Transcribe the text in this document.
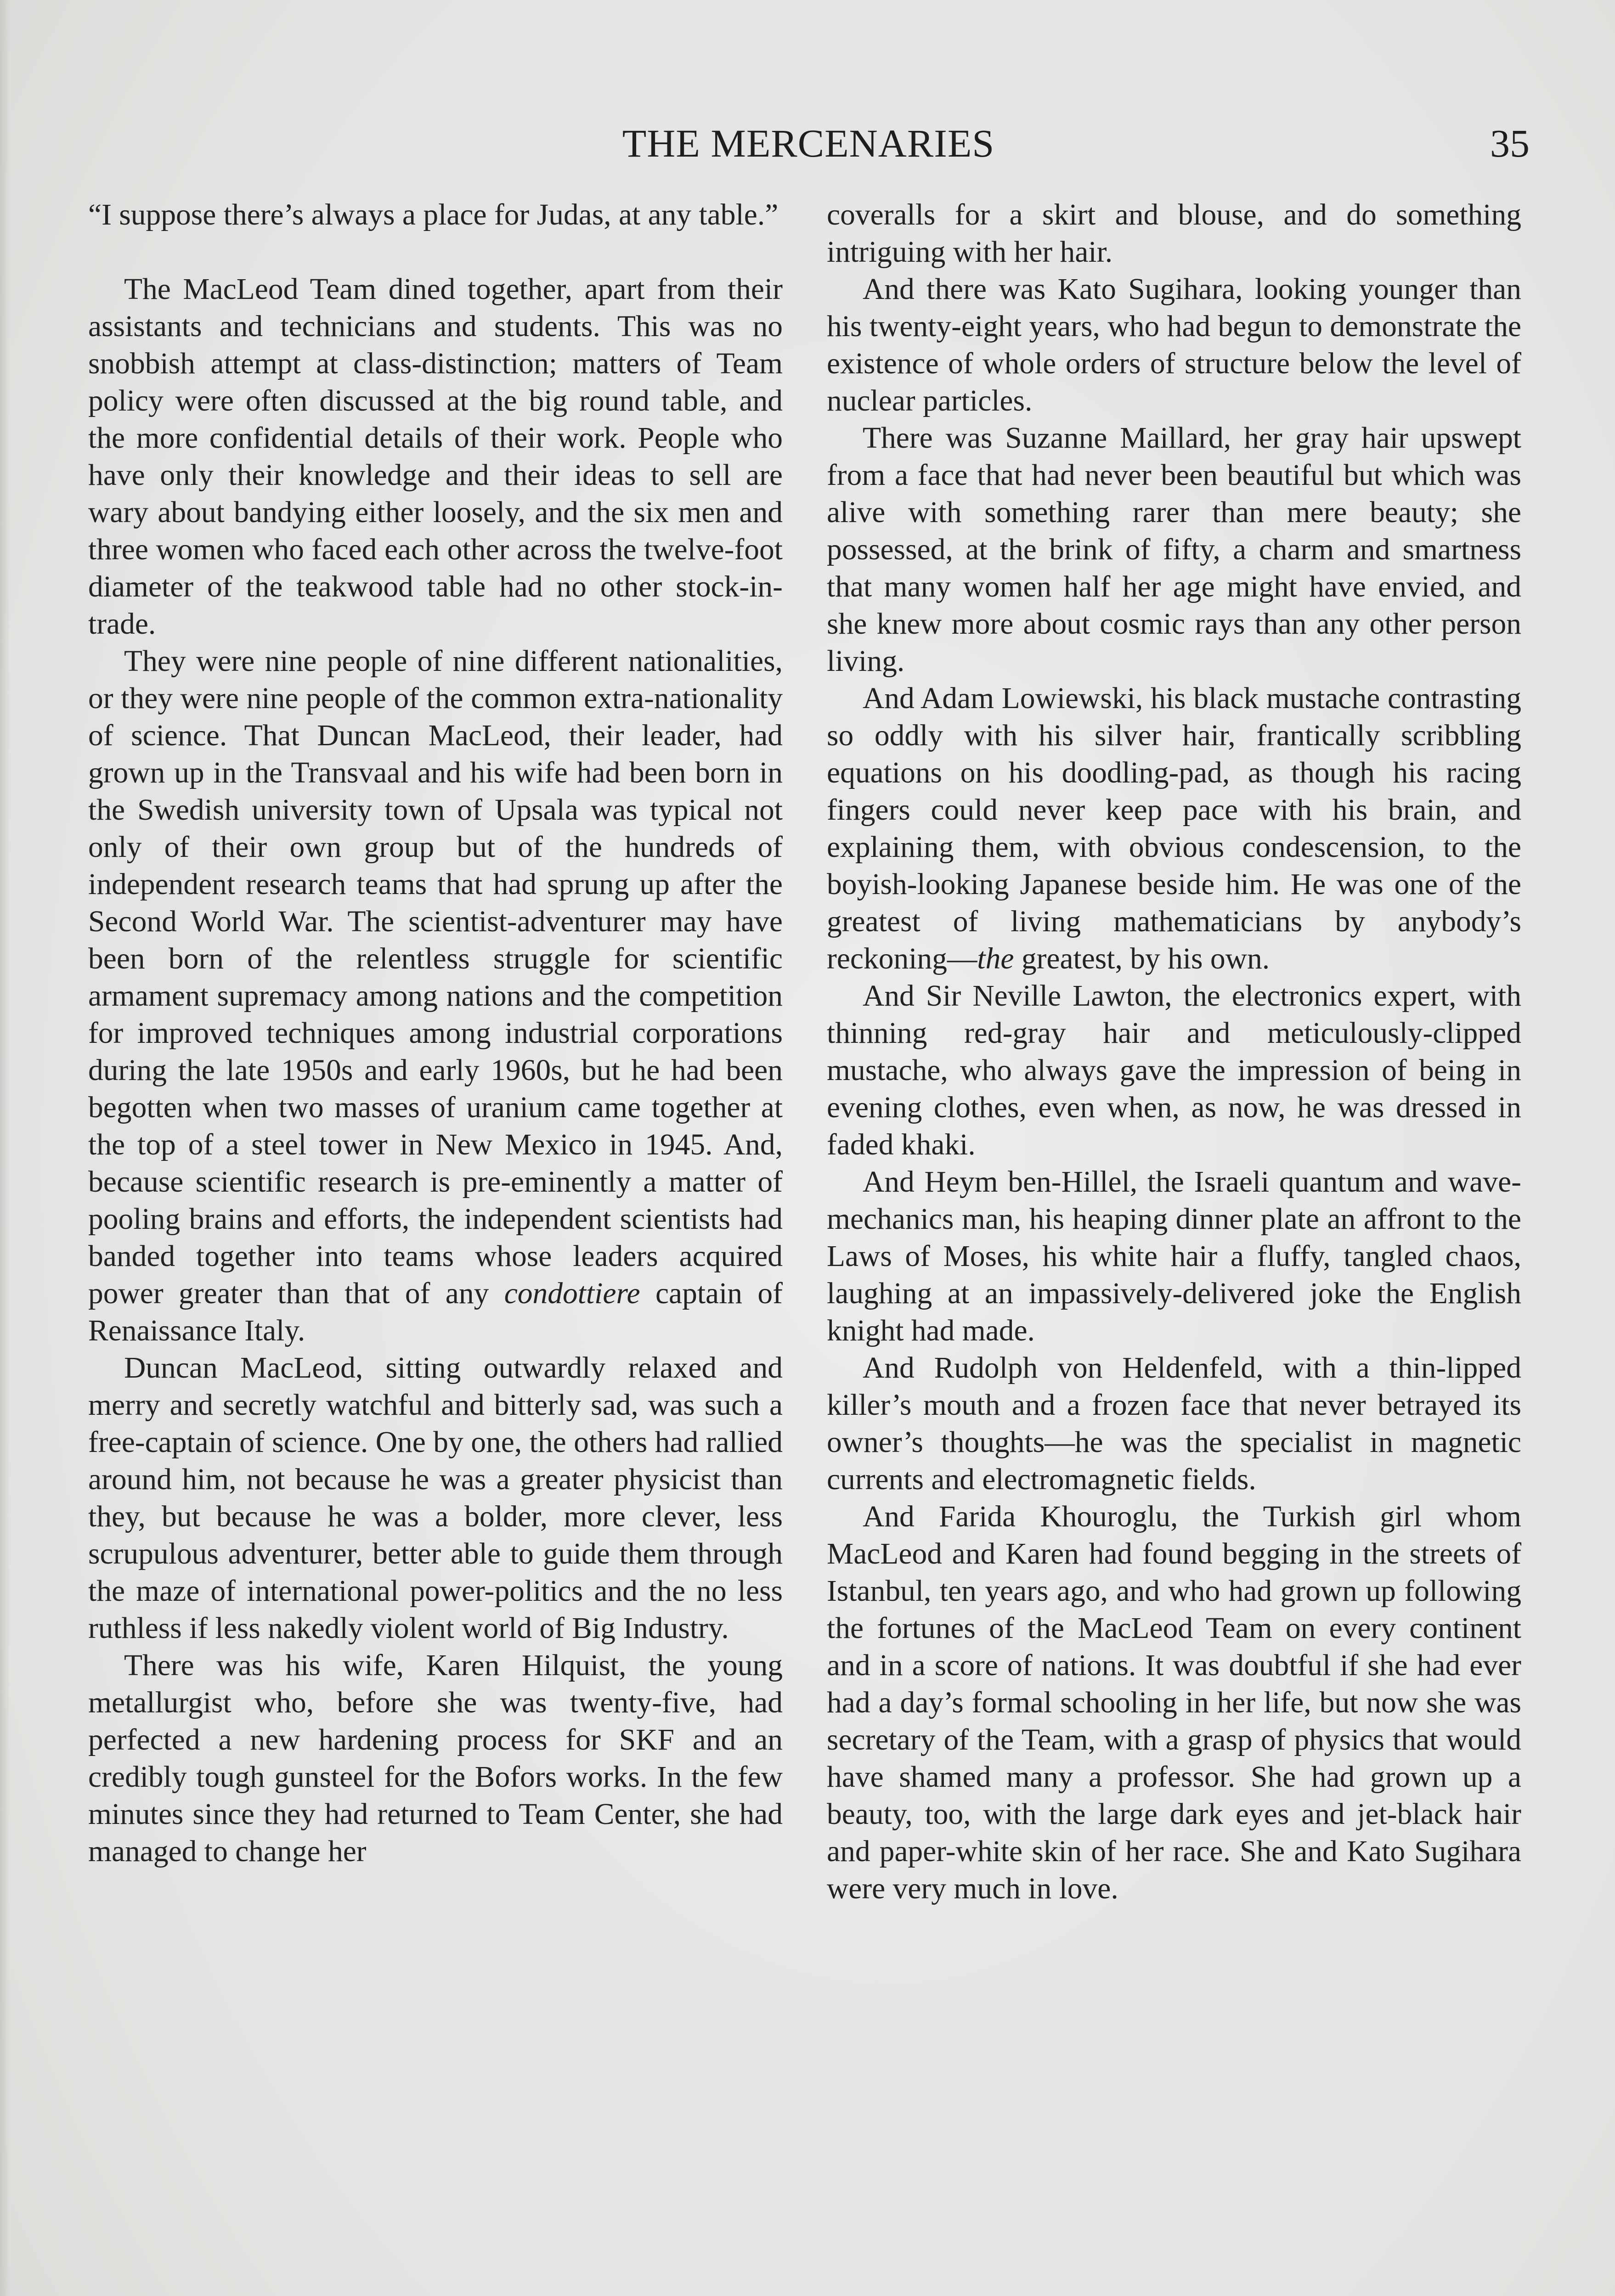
THE MERCENARIES	35

“I suppose there’s always a place for Judas, at any table.”

The MacLeod Team dined together, apart from their assistants and technicians and students. This was no snobbish attempt at class-distinction; matters of Team policy were often discussed at the big round table, and the more confidential details of their work. People who have only their knowledge and their ideas to sell are wary about bandying either loosely, and the six men and three women who faced each other across the twelve-foot diameter of the teakwood table had no other stock-in-trade.

They were nine people of nine different nationalities, or they were nine people of the common extra-nationality of science. That Duncan MacLeod, their leader, had grown up in the Transvaal and his wife had been born in the Swedish university town of Upsala was typical not only of their own group but of the hundreds of independent research teams that had sprung up after the Second World War. The scientist-adventurer may have been born of the relentless struggle for scientific armament supremacy among nations and the competition for improved techniques among industrial corporations during the late 1950s and early 1960s, but he had been begotten when two masses of uranium came together at the top of a steel tower in New Mexico in 1945. And, because scientific research is pre-eminently a matter of pooling brains and efforts, the independent scientists had banded together into teams whose leaders acquired power greater than that of any condottiere captain of Renaissance Italy.

Duncan MacLeod, sitting outwardly relaxed and merry and secretly watchful and bitterly sad, was such a free-captain of science. One by one, the others had rallied around him, not because he was a greater physicist than they, but because he was a bolder, more clever, less scrupulous adventurer, better able to guide them through the maze of international power-politics and the no less ruthless if less nakedly violent world of Big Industry.

There was his wife, Karen Hilquist, the young metallurgist who, before she was twenty-five, had perfected a new hardening process for SKF and an credibly tough gunsteel for the Bofors works. In the few minutes since they had returned to Team Center, she had managed to change her

coveralls for a skirt and blouse, and do something intriguing with her hair.

And there was Kato Sugihara, looking younger than his twenty-eight years, who had begun to demonstrate the existence of whole orders of structure below the level of nuclear particles.

There was Suzanne Maillard, her gray hair upswept from a face that had never been beautiful but which was alive with something rarer than mere beauty; she possessed, at the brink of fifty, a charm and smartness that many women half her age might have envied, and she knew more about cosmic rays than any other person living.

And Adam Lowiewski, his black mustache contrasting so oddly with his silver hair, frantically scribbling equations on his doodling-pad, as though his racing fingers could never keep pace with his brain, and explaining them, with obvious condescension, to the boyish-looking Japanese beside him. He was one of the greatest of living mathematicians by anybody’s reckoning—the greatest, by his own.

And Sir Neville Lawton, the electronics expert, with thinning red-gray hair and meticulously-clipped mustache, who always gave the impression of being in evening clothes, even when, as now, he was dressed in faded khaki.

And Heym ben-Hillel, the Israeli quantum and wave-mechanics man, his heaping dinner plate an affront to the Laws of Moses, his white hair a fluffy, tangled chaos, laughing at an impassively-delivered joke the English knight had made.

And Rudolph von Heldenfeld, with a thin-lipped killer’s mouth and a frozen face that never betrayed its owner’s thoughts—he was the specialist in magnetic currents and electromagnetic fields.

And Farida Khouroglu, the Turkish girl whom MacLeod and Karen had found begging in the streets of Istanbul, ten years ago, and who had grown up following the fortunes of the MacLeod Team on every continent and in a score of nations. It was doubtful if she had ever had a day’s formal schooling in her life, but now she was secretary of the Team, with a grasp of physics that would have shamed many a professor. She had grown up a beauty, too, with the large dark eyes and jet-black hair and paper-white skin of her race. She and Kato Sugihara were very much in love.
